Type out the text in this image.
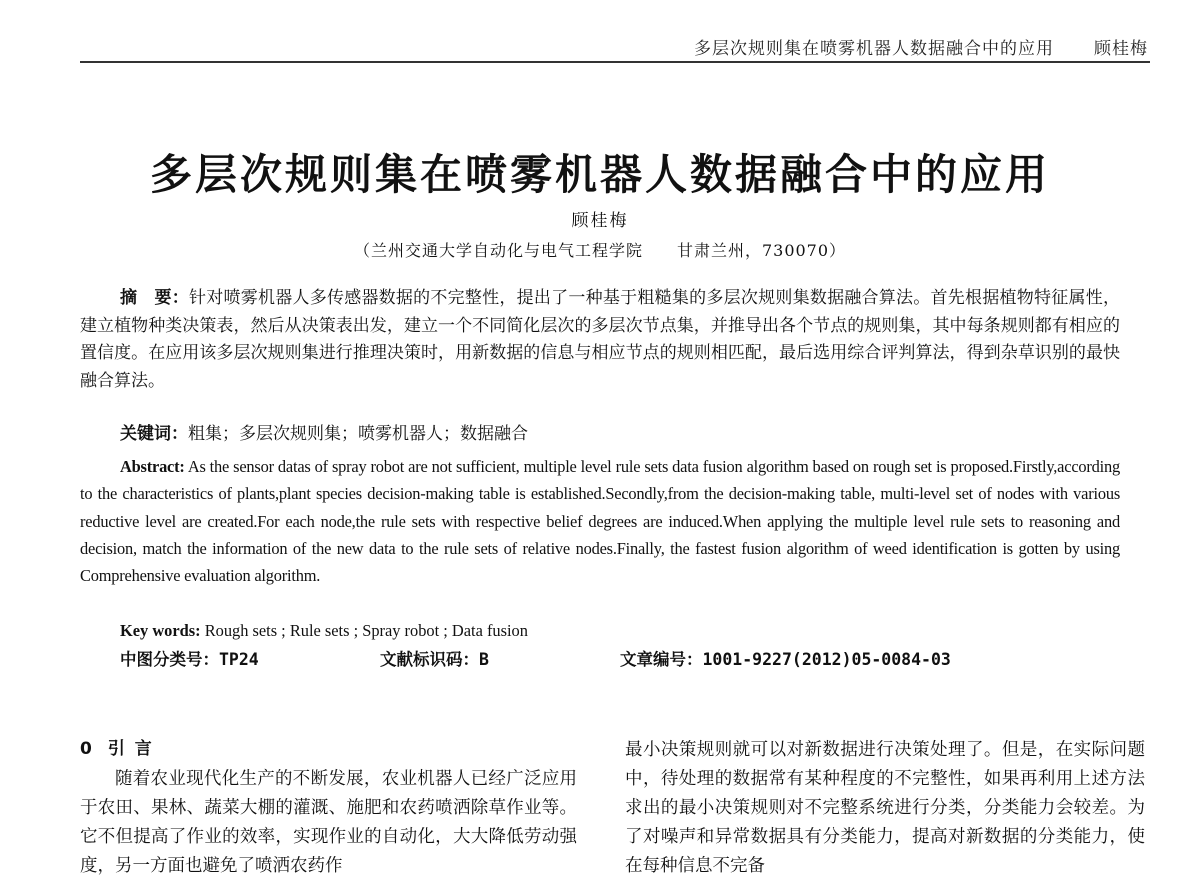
多层次规则集在喷雾机器人数据融合中的应用 顾桂梅
多层次规则集在喷雾机器人数据融合中的应用
顾桂梅
（兰州交通大学自动化与电气工程学院 甘肃兰州，730070）
摘　要：针对喷雾机器人多传感器数据的不完整性，提出了一种基于粗糙集的多层次规则集数据融合算法。首先根据植物特征属性，建立植物种类决策表，然后从决策表出发，建立一个不同简化层次的多层次节点集，并推导出各个节点的规则集，其中每条规则都有相应的置信度。在应用该多层次规则集进行推理决策时，用新数据的信息与相应节点的规则相匹配，最后选用综合评判算法，得到杂草识别的最快融合算法。
关键词：粗集；多层次规则集；喷雾机器人；数据融合
Abstract: As the sensor datas of spray robot are not sufficient, multiple level rule sets data fusion algorithm based on rough set is proposed.Firstly,according to the characteristics of plants,plant species decision-making table is established.Secondly,from the decision-making table, multi-level set of nodes with various reductive level are created.For each node,the rule sets with respective belief degrees are induced.When applying the multiple level rule sets to reasoning and decision, match the information of the new data to the rule sets of relative nodes.Finally, the fastest fusion algorithm of weed identification is gotten by using Comprehensive evaluation algorithm.
Key words: Rough sets ; Rule sets ; Spray robot ; Data fusion
中图分类号：TP24	文献标识码：B	文章编号：1001-9227(2012)05-0084-03
0 引 言

随着农业现代化生产的不断发展，农业机器人已经广泛应用于农田、果林、蔬菜大棚的灌溉、施肥和农药喷洒除草作业等。它不但提高了作业的效率，实现作业的自动化，大大降低劳动强度，另一方面也避免了喷洒农药作

最小决策规则就可以对新数据进行决策处理了。但是，在实际问题中，待处理的数据常有某种程度的不完整性，如果再利用上述方法求出的最小决策规则对不完整系统进行分类，分类能力会较差。为了对噪声和异常数据具有分类能力，提高对新数据的分类能力，使在每种信息不完备
